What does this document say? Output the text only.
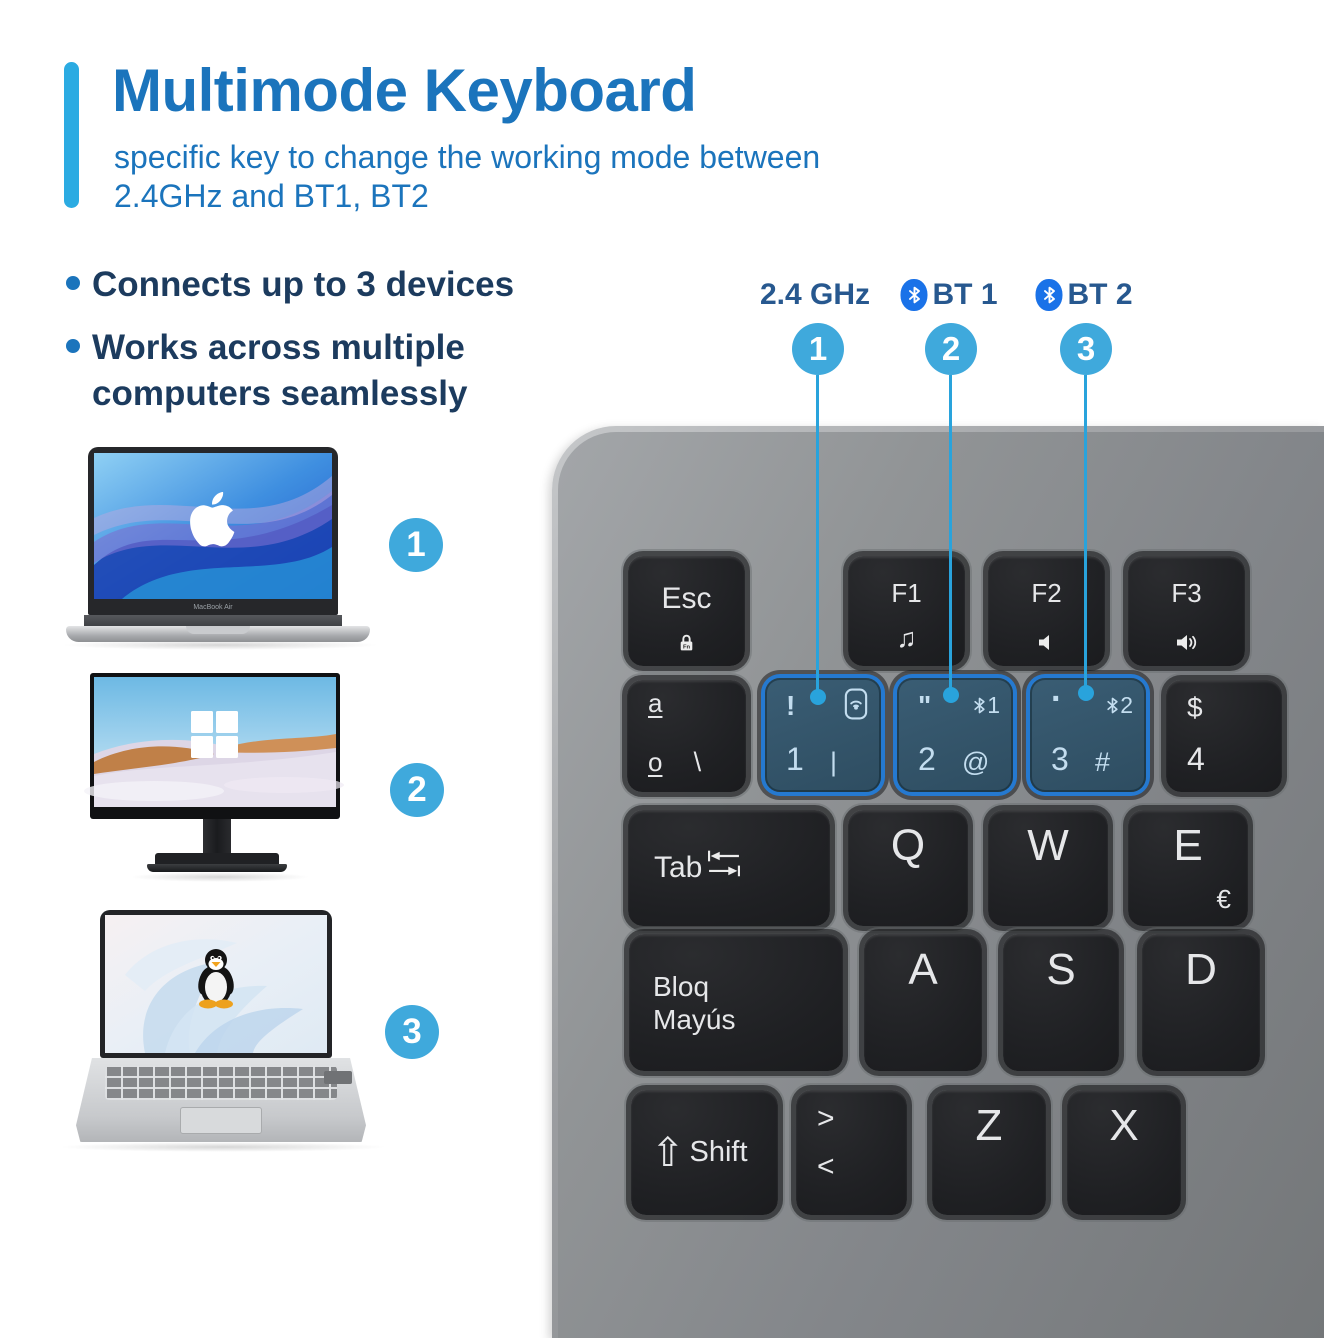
Multimode Keyboard
specific key to change the working mode between
2.4GHz and BT1, BT2
Connects up to 3 devices
Works across multiple computers seamlessly
2.4 GHz BT 1 BT 2
1	2	3
MacBook Air
1
2
3
Esc
Fn
F1
♫
F2	F3
a
o \
!
1 |
" 1
2 @
·	2
3 #
$
4
Tab	Q	W	E
€
Bloq
Mayús
A	S	D
⇧ Shift
>
<
Z	X
